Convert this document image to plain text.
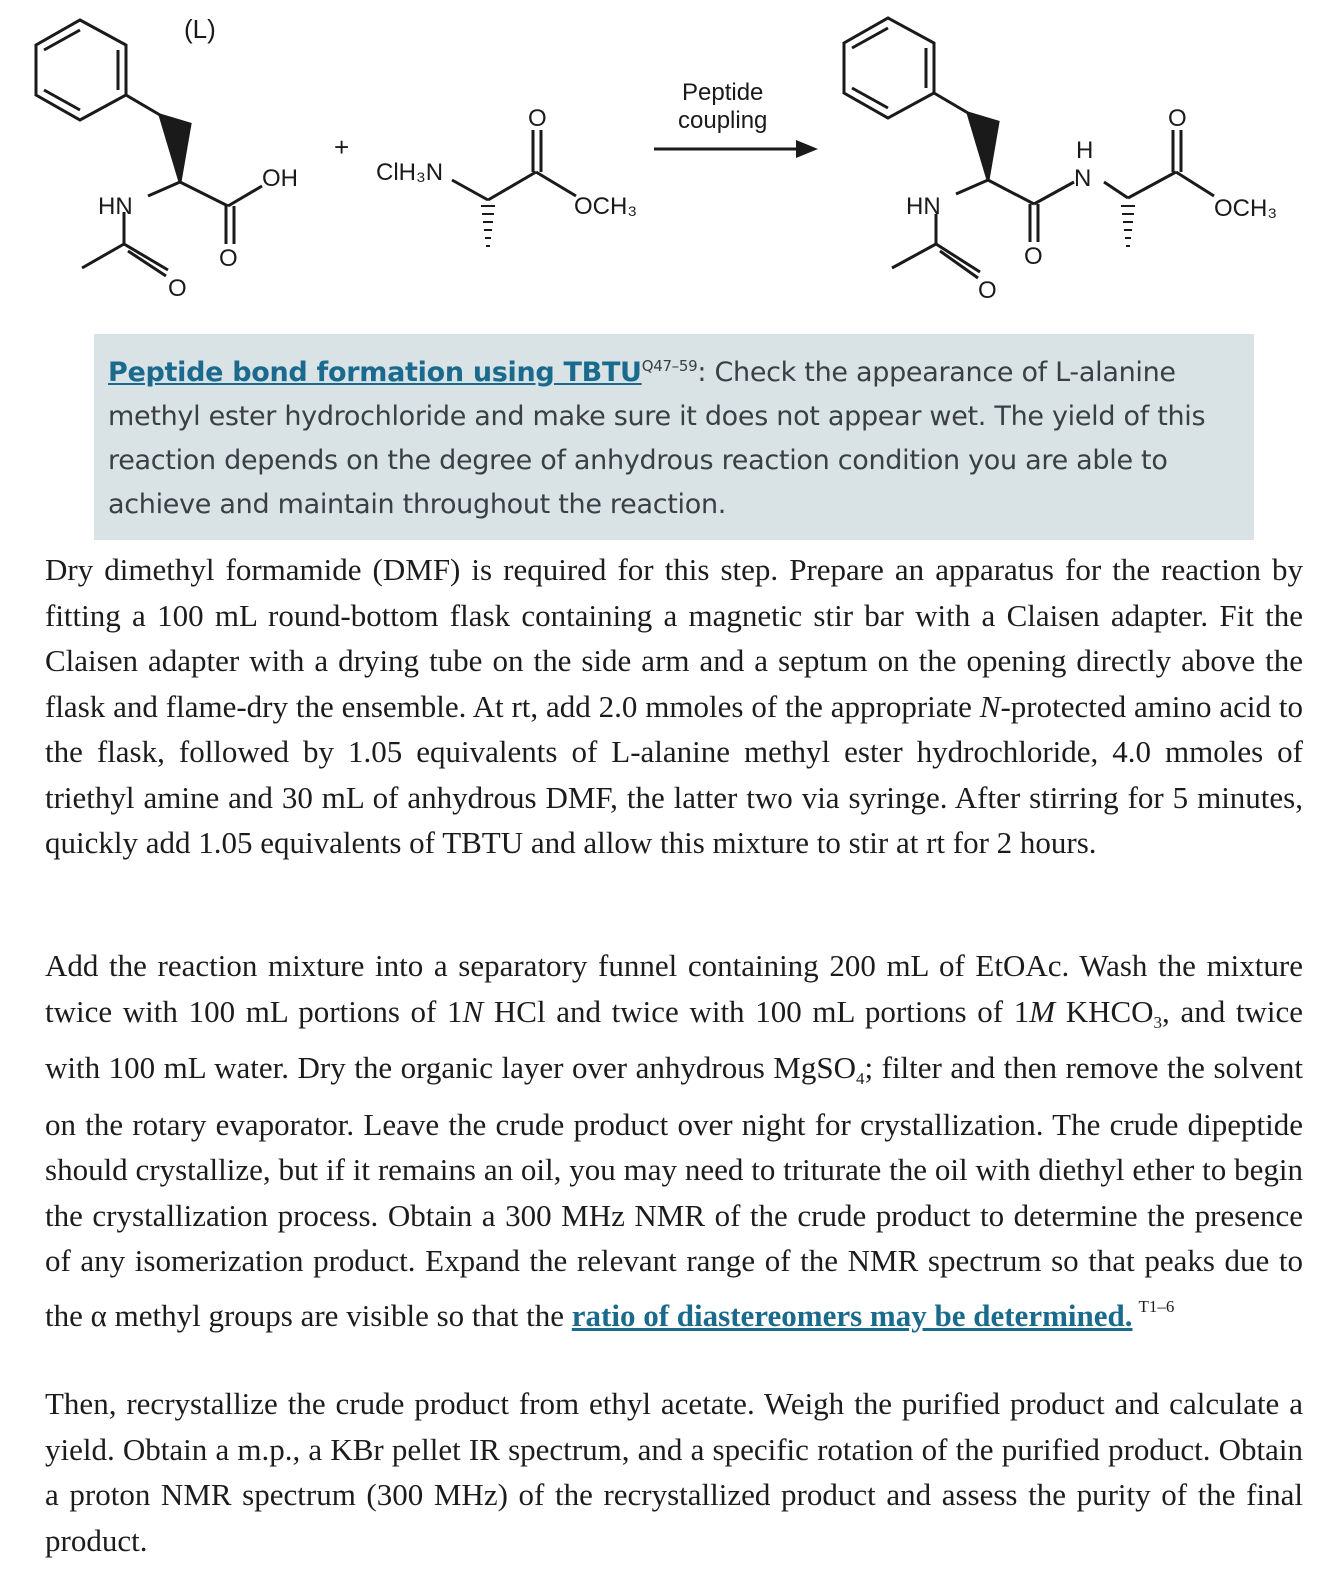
(L)
HN
OH
O
O
+
ClH₃N
O
OCH₃
Peptide
coupling
HN
H
N
O
O
O
OCH₃
Peptide bond formation using $TBTU^{Q47-59}$: Check the appearance of L-alanine methyl ester hydrochloride and make sure it does not appear wet. The yield of this reaction depends on the degree of anhydrous reaction condition you are able to achieve and maintain throughout the reaction.

Dry dimethyl formamide (DMF) is required for this step. Prepare an apparatus for the reaction by fitting a 100 mL round-bottom flask containing a magnetic stir bar with a Claisen adapter. Fit the Claisen adapter with a drying tube on the side arm and a septum on the opening directly above the flask and flame-dry the ensemble. At rt, add 2.0 mmoles of the appropriate N-protected amino acid to the flask, followed by 1.05 equivalents of L-alanine methyl ester hydrochloride, 4.0 mmoles of triethyl amine and 30 mL of anhydrous DMF, the latter two via syringe. After stirring for 5 minutes, quickly add 1.05 equivalents of TBTU and allow this mixture to stir at rt for 2 hours.

Add the reaction mixture into a separatory funnel containing 200 mL of EtOAc. Wash the mixture twice with 100 mL portions of 1N HCl and twice with 100 mL portions of 1M $KHCO_3$, and twice with 100 mL water. Dry the organic layer over anhydrous MgSO$_4$; filter and then remove the solvent on the rotary evaporator. Leave the crude product over night for crystallization. The crude dipeptide should crystallize, but if it remains an oil, you may need to triturate the oil with diethyl ether to begin the crystallization process. Obtain a 300 MHz NMR of the crude product to determine the presence of any isomerization product. Expand the relevant range of the NMR spectrum so that peaks due to the α methyl groups are visible so that the ratio of diastereomers may be determined. $^{T1-6}$

Then, recrystallize the crude product from ethyl acetate. Weigh the purified product and calculate a yield. Obtain a m.p., a KBr pellet IR spectrum, and a specific rotation of the purified product. Obtain a proton NMR spectrum (300 MHz) of the recrystallized product and assess the purity of the final product.
